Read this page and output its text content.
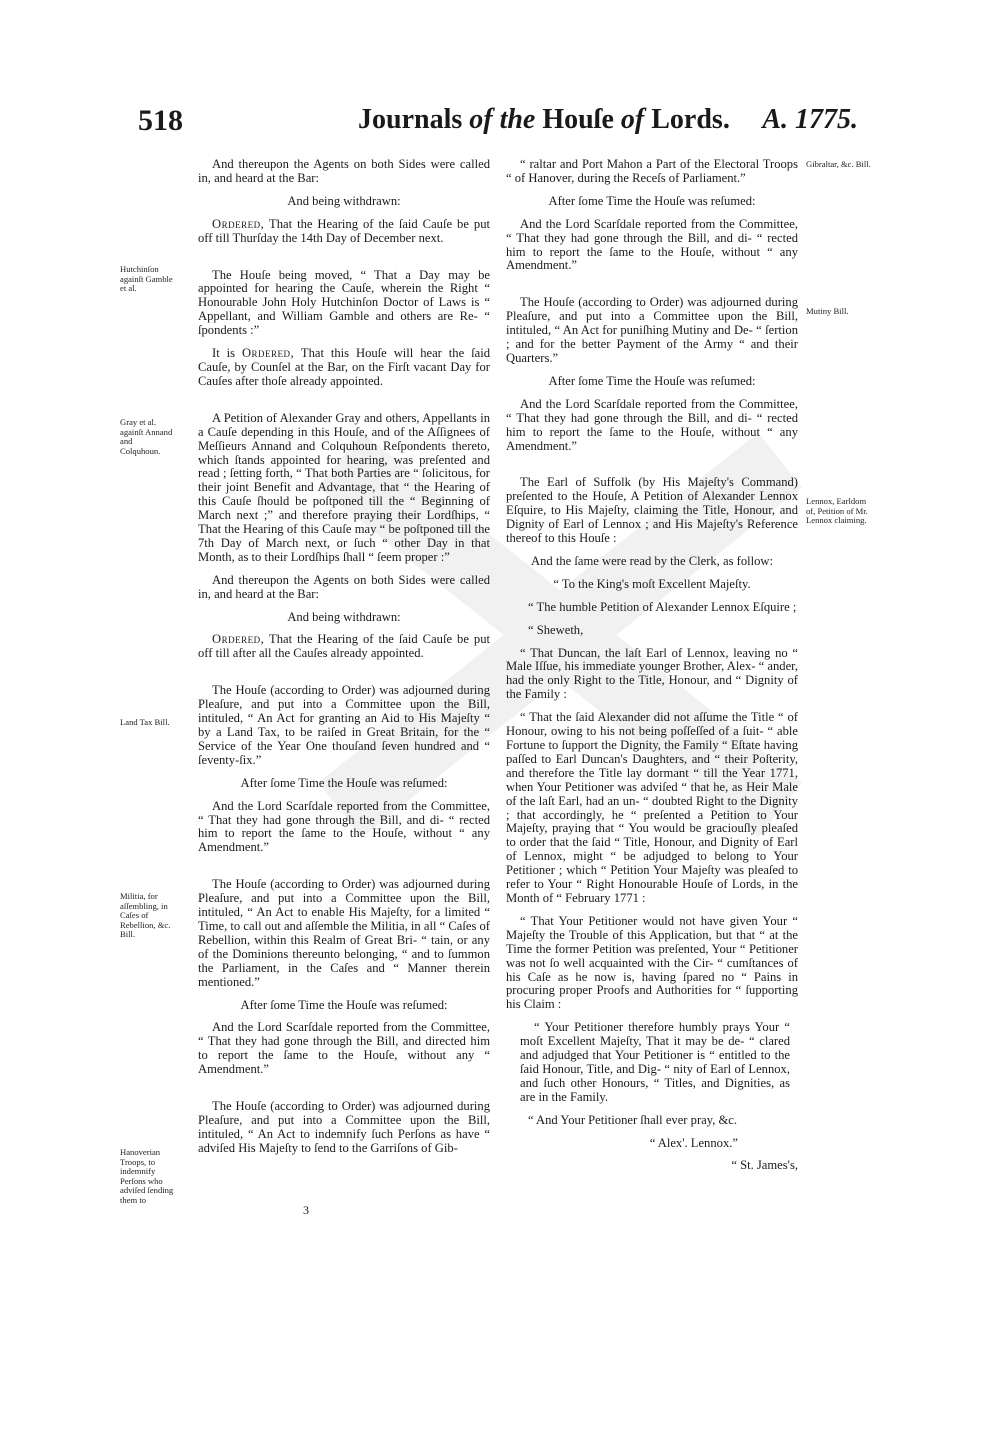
518	Journals of the Houſe of Lords. A. 1775.

And thereupon the Agents on both Sides were called in, and heard at the Bar:

And being withdrawn:

Ordered, That the Hearing of the ſaid Cauſe be put off till Thurſday the 14th Day of December next.

The Houſe being moved, “ That a Day may be appointed for hearing the Cauſe, wherein the Right “ Honourable John Holy Hutchinſon Doctor of Laws is “ Appellant, and William Gamble and others are Re- “ ſpondents :”

It is Ordered, That this Houſe will hear the ſaid Cauſe, by Counſel at the Bar, on the Firſt vacant Day for Cauſes after thoſe already appointed.

A Petition of Alexander Gray and others, Appellants in a Cauſe depending in this Houſe, and of the Aſſignees of Meſſieurs Annand and Colquhoun Reſpondents thereto, which ſtands appointed for hearing, was preſented and read ; ſetting forth, “ That both Parties are “ ſolicitous, for their joint Benefit and Advantage, that “ the Hearing of this Cauſe ſhould be poſtponed till the “ Beginning of March next ;” and therefore praying their Lordſhips, “ That the Hearing of this Cauſe may “ be poſtponed till the 7th Day of March next, or ſuch “ other Day in that Month, as to their Lordſhips ſhall “ ſeem proper :”

And thereupon the Agents on both Sides were called in, and heard at the Bar:

And being withdrawn:

Ordered, That the Hearing of the ſaid Cauſe be put off till after all the Cauſes already appointed.

The Houſe (according to Order) was adjourned during Pleaſure, and put into a Committee upon the Bill, intituled, “ An Act for granting an Aid to His Majeſty “ by a Land Tax, to be raiſed in Great Britain, for the “ Service of the Year One thouſand ſeven hundred and “ ſeventy-ſix.”

After ſome Time the Houſe was reſumed:

And the Lord Scarſdale reported from the Committee, “ That they had gone through the Bill, and di- “ rected him to report the ſame to the Houſe, without “ any Amendment.”

The Houſe (according to Order) was adjourned during Pleaſure, and put into a Committee upon the Bill, intituled, “ An Act to enable His Majeſty, for a limited “ Time, to call out and aſſemble the Militia, in all “ Caſes of Rebellion, within this Realm of Great Bri- “ tain, or any of the Dominions thereunto belonging, “ and to ſummon the Parliament, in the Caſes and “ Manner therein mentioned.”

After ſome Time the Houſe was reſumed:

And the Lord Scarſdale reported from the Committee, “ That they had gone through the Bill, and directed him to report the ſame to the Houſe, without any “ Amendment.”

The Houſe (according to Order) was adjourned during Pleaſure, and put into a Committee upon the Bill, intituled, “ An Act to indemnify ſuch Perſons as have “ adviſed His Majeſty to ſend to the Garriſons of Gib-

3

“ raltar and Port Mahon a Part of the Electoral Troops “ of Hanover, during the Receſs of Parliament.”

After ſome Time the Houſe was reſumed:

And the Lord Scarſdale reported from the Committee, “ That they had gone through the Bill, and di- “ rected him to report the ſame to the Houſe, without “ any Amendment.”

The Houſe (according to Order) was adjourned during Pleaſure, and put into a Committee upon the Bill, intituled, “ An Act for puniſhing Mutiny and De- “ ſertion ; and for the better Payment of the Army “ and their Quarters.”

After ſome Time the Houſe was reſumed:

And the Lord Scarſdale reported from the Committee, “ That they had gone through the Bill, and di- “ rected him to report the ſame to the Houſe, without “ any Amendment.”

The Earl of Suffolk (by His Majeſty's Command) preſented to the Houſe, A Petition of Alexander Lennox Eſquire, to His Majeſty, claiming the Title, Honour, and Dignity of Earl of Lennox ; and His Majeſty's Reference thereof to this Houſe :

And the ſame were read by the Clerk, as follow:

“ To the King's moſt Excellent Majeſty.

“ The humble Petition of Alexander Lennox Eſquire ;

“ Sheweth,

“ That Duncan, the laſt Earl of Lennox, leaving no “ Male Iſſue, his immediate younger Brother, Alex- “ ander, had the only Right to the Title, Honour, and “ Dignity of the Family :

“ That the ſaid Alexander did not aſſume the Title “ of Honour, owing to his not being poſſeſſed of a ſuit- “ able Fortune to ſupport the Dignity, the Family “ Eſtate having paſſed to Earl Duncan's Daughters, and “ their Poſterity, and therefore the Title lay dormant “ till the Year 1771, when Your Petitioner was adviſed “ that he, as Heir Male of the laſt Earl, had an un- “ doubted Right to the Dignity ; that accordingly, he “ preſented a Petition to Your Majeſty, praying that “ You would be graciouſly pleaſed to order that the ſaid “ Title, Honour, and Dignity of Earl of Lennox, might “ be adjudged to belong to Your Petitioner ; which “ Petition Your Majeſty was pleaſed to refer to Your “ Right Honourable Houſe of Lords, in the Month of “ February 1771 :

“ That Your Petitioner would not have given Your “ Majeſty the Trouble of this Application, but that “ at the Time the former Petition was preſented, Your “ Petitioner was not ſo well acquainted with the Cir- “ cumſtances of his Caſe as he now is, having ſpared no “ Pains in procuring proper Proofs and Authorities for “ ſupporting his Claim :

“ Your Petitioner therefore humbly prays Your “ moſt Excellent Majeſty, That it may be de- “ clared and adjudged that Your Petitioner is “ entitled to the ſaid Honour, Title, and Dig- “ nity of Earl of Lennox, and ſuch other Honours, “ Titles, and Dignities, as are in the Family.

“ And Your Petitioner ſhall ever pray, &c.

“ Alex'. Lennox.”

“ St. James's,

Hutchinſon againſt Gamble et al.
Gray et al. againſt Annand and Colquhoun.
Land Tax Bill.
Militia, for aſſembling, in Caſes of Rebellion, &c. Bill.
Hanoverian Troops, to indemnify Perſons who adviſed ſending them to
Gibraltar, &c. Bill.
Mutiny Bill.
Lennox, Earldom of, Petition of Mr. Lennox claiming.
